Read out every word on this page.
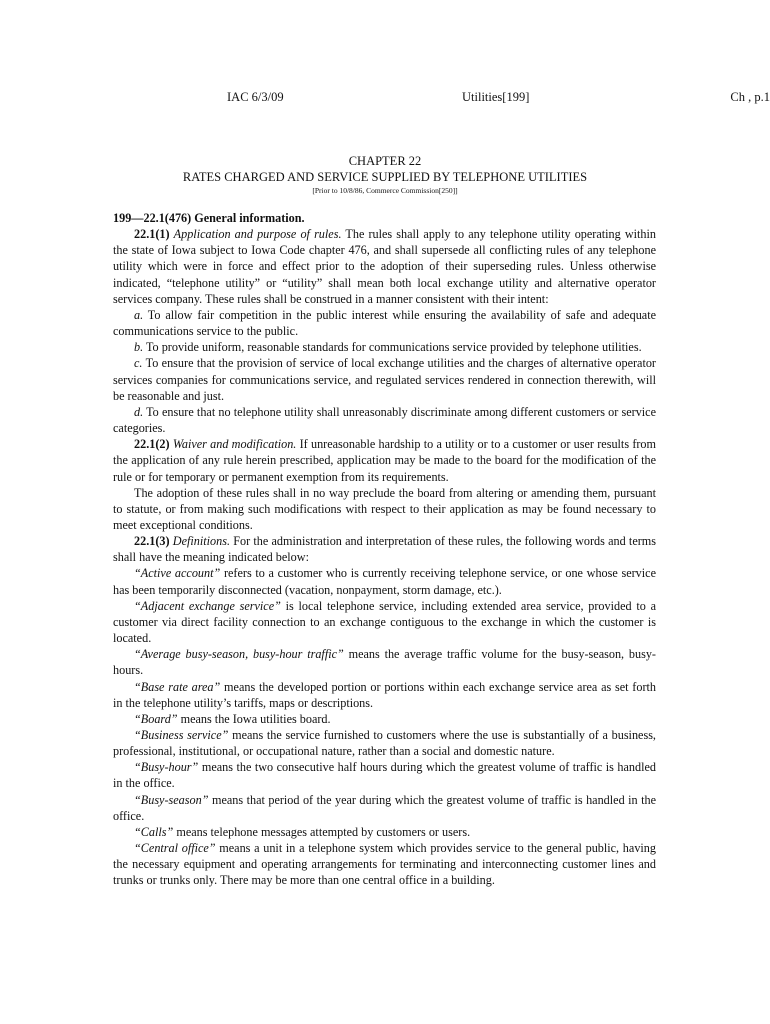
IAC 6/3/09	Utilities[199]	Ch , p.1
CHAPTER 22
RATES CHARGED AND SERVICE SUPPLIED BY TELEPHONE UTILITIES
[Prior to 10/8/86, Commerce Commission[250]]

199—22.1(476) General information.

22.1(1) Application and purpose of rules. The rules shall apply to any telephone utility operating within the state of Iowa subject to Iowa Code chapter 476, and shall supersede all conflicting rules of any telephone utility which were in force and effect prior to the adoption of their superseding rules. Unless otherwise indicated, “telephone utility” or “utility” shall mean both local exchange utility and alternative operator services company. These rules shall be construed in a manner consistent with their intent:

a. To allow fair competition in the public interest while ensuring the availability of safe and adequate communications service to the public.

b. To provide uniform, reasonable standards for communications service provided by telephone utilities.

c. To ensure that the provision of service of local exchange utilities and the charges of alternative operator services companies for communications service, and regulated services rendered in connection therewith, will be reasonable and just.

d. To ensure that no telephone utility shall unreasonably discriminate among different customers or service categories.

22.1(2) Waiver and modification. If unreasonable hardship to a utility or to a customer or user results from the application of any rule herein prescribed, application may be made to the board for the modification of the rule or for temporary or permanent exemption from its requirements.

The adoption of these rules shall in no way preclude the board from altering or amending them, pursuant to statute, or from making such modifications with respect to their application as may be found necessary to meet exceptional conditions.

22.1(3) Definitions. For the administration and interpretation of these rules, the following words and terms shall have the meaning indicated below:

“Active account” refers to a customer who is currently receiving telephone service, or one whose service has been temporarily disconnected (vacation, nonpayment, storm damage, etc.).

“Adjacent exchange service” is local telephone service, including extended area service, provided to a customer via direct facility connection to an exchange contiguous to the exchange in which the customer is located.

“Average busy-season, busy-hour traffic” means the average traffic volume for the busy-season, busy-hours.

“Base rate area” means the developed portion or portions within each exchange service area as set forth in the telephone utility’s tariffs, maps or descriptions.

“Board” means the Iowa utilities board.

“Business service” means the service furnished to customers where the use is substantially of a business, professional, institutional, or occupational nature, rather than a social and domestic nature.

“Busy-hour” means the two consecutive half hours during which the greatest volume of traffic is handled in the office.

“Busy-season” means that period of the year during which the greatest volume of traffic is handled in the office.

“Calls” means telephone messages attempted by customers or users.

“Central office” means a unit in a telephone system which provides service to the general public, having the necessary equipment and operating arrangements for terminating and interconnecting customer lines and trunks or trunks only. There may be more than one central office in a building.
